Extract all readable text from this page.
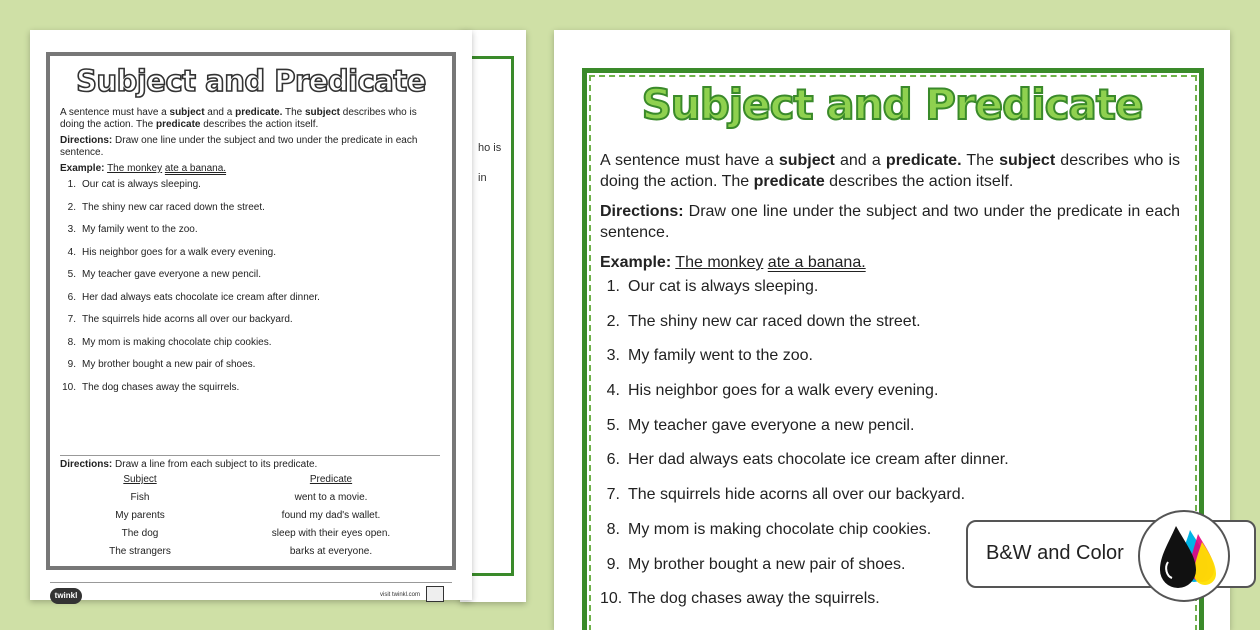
ho is
in
Subject and Predicate

A sentence must have a subject and a predicate. The subject describes who is doing the action. The predicate describes the action itself.

Directions: Draw one line under the subject and two under the predicate in each sentence.

Example: The monkey ate a banana.

1. Our cat is always sleeping.
2. The shiny new car raced down the street.
3. My family went to the zoo.
4. His neighbor goes for a walk every evening.
5. My teacher gave everyone a new pencil.
6. Her dad always eats chocolate ice cream after dinner.
7. The squirrels hide acorns all over our backyard.
8. My mom is making chocolate chip cookies.
9. My brother bought a new pair of shoes.
10. The dog chases away the squirrels.

Directions: Draw a line from each subject to its predicate.

Subject	Predicate
Fish	went to a movie.
My parents	found my dad's wallet.
The dog	sleep with their eyes open.
The strangers	barks at everyone.
twinkl	visit twinkl.com
Subject and Predicate

A sentence must have a subject and a predicate. The subject describes who is doing the action. The predicate describes the action itself.

Directions: Draw one line under the subject and two under the predicate in each sentence.

Example: The monkey ate a banana.

1. Our cat is always sleeping.
2. The shiny new car raced down the street.
3. My family went to the zoo.
4. His neighbor goes for a walk every evening.
5. My teacher gave everyone a new pencil.
6. Her dad always eats chocolate ice cream after dinner.
7. The squirrels hide acorns all over our backyard.
8. My mom is making chocolate chip cookies.
9. My brother bought a new pair of shoes.
10. The dog chases away the squirrels.
B&W and Color
